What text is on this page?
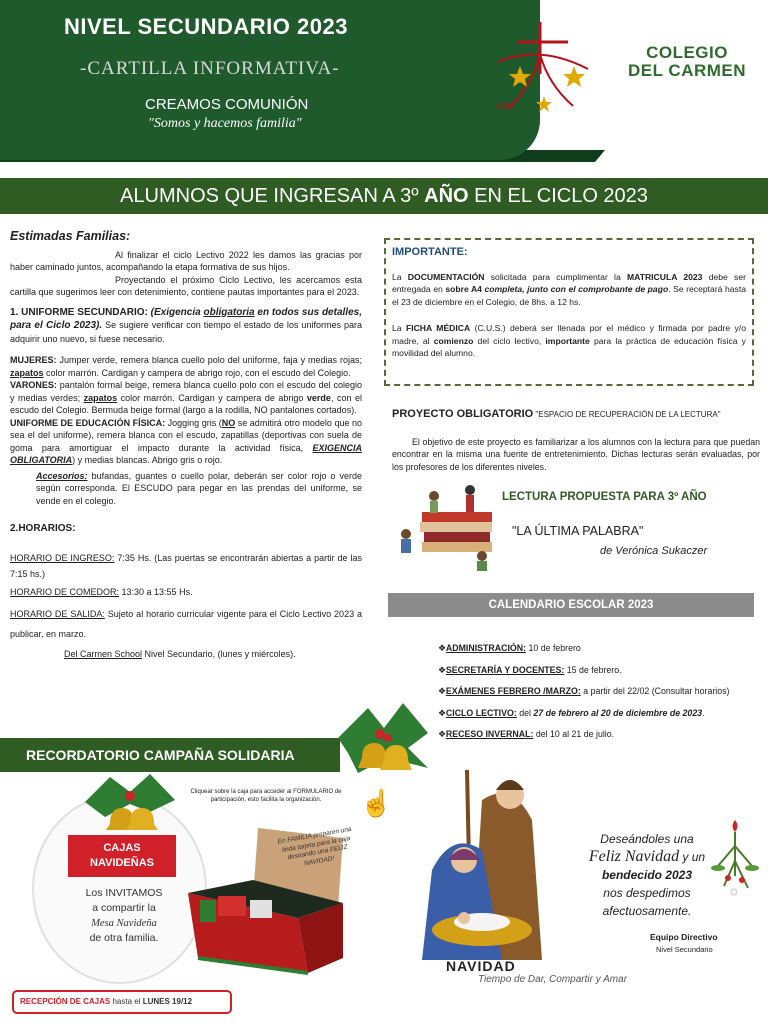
NIVEL SECUNDARIO 2023
-CARTILLA INFORMATIVA-
CREAMOS COMUNIÓN
"Somos y hacemos familia"
cmt
COLEGIO
DEL CARMEN
ALUMNOS QUE INGRESAN A 3º AÑO EN EL CICLO 2023
Estimadas Familias:
Al finalizar el ciclo Lectivo 2022 les damos las gracias por haber caminado juntos, acompañando la etapa formativa de sus hijos.
Proyectando el próximo Ciclo Lectivo, les acercamos esta cartilla que sugerimos leer con detenimiento, contiene pautas importantes para el 2023.
1. UNIFORME SECUNDARIO: (Exigencia obligatoria en todos sus detalles, para el Ciclo 2023). Se sugiere verificar con tiempo el estado de los uniformes para adquirir uno nuevo, si fuese necesario.
MUJERES: Jumper verde, remera blanca cuello polo del uniforme, faja y medias rojas; zapatos color marrón. Cardigan y campera de abrigo rojo, con el escudo del Colegio.
VARONES: pantalón formal beige, remera blanca cuello polo con el escudo del colegio y medias verdes; zapatos color marrón. Cardigan y campera de abrigo verde, con el escudo del Colegio. Bermuda beige formal (largo a la rodilla, NO pantalones cortados).
UNIFORME DE EDUCACIÓN FÍSICA: Jogging gris (NO se admitirá otro modelo que no sea el del uniforme), remera blanca con el escudo, zapatillas (deportivas con suela de goma para amortiguar el impacto durante la actividad física, EXIGENCIA OBLIGATORIA) y medias blancas. Abrigo gris o rojo.
Accesorios: bufandas, guantes o cuello polar, deberán ser color rojo o verde según corresponda. El ESCUDO para pegar en las prendas del uniforme, se vende en el colegio.
2.HORARIOS:
HORARIO DE INGRESO: 7:35 Hs. (Las puertas se encontrarán abiertas a partir de las 7:15 hs.)
HORARIO DE COMEDOR: 13:30 a 13:55 Hs.
HORARIO DE SALIDA: Sujeto al horario curricular vigente para el Ciclo Lectivo 2023 a publicar, en marzo.
Del Carmen School Nivel Secundario, (lunes y miércoles).
IMPORTANTE:
La DOCUMENTACIÓN solicitada para cumplimentar la MATRICULA 2023 debe ser entregada en sobre A4 completa, junto con el comprobante de pago. Se receptará hasta el 23 de diciembre en el Colegio, de 8hs. a 12 hs.
La FICHA MÉDICA (C.U.S.) deberá ser llenada por el médico y firmada por padre y/o madre, al comienzo del ciclo lectivo, importante para la práctica de educación física y movilidad del alumno.
PROYECTO OBLIGATORIO "ESPACIO DE RECUPERACIÓN DE LA LECTURA"
El objetivo de este proyecto es familiarizar a los alumnos con la lectura para que puedan encontrar en la misma una fuente de entretenimiento. Dichas lecturas serán evaluadas, por los profesores de los diferentes niveles.
LECTURA PROPUESTA PARA 3º AÑO
"LA ÚLTIMA PALABRA"
de Verónica Sukaczer
CALENDARIO ESCOLAR 2023
❖ADMINISTRACIÓN: 10 de febrero
❖SECRETARÍA Y DOCENTES: 15 de febrero.
❖EXÁMENES FEBRERO /MARZO: a partir del 22/02 (Consultar horarios)
❖CICLO LECTIVO: del 27 de febrero al 20 de diciembre de 2023.
❖RECESO INVERNAL: del 10 al 21 de julio.
RECORDATORIO CAMPAÑA SOLIDARIA
CAJAS
NAVIDEÑAS
Los INVITAMOS
a compartir la
Mesa Navideña
de otra familia.
Cliquear sobre la caja para acceder al FORMULARIO de participación, esto facilita la organización.	☝
En FAMILIA preparen una linda tarjeta para la caja deseando una FELIZ NAVIDAD!
RECEPCIÓN DE CAJAS hasta el LUNES 19/12
NAVIDAD
Tiempo de Dar, Compartir y Amar
Deseándoles una
Feliz Navidad y un
bendecido 2023
nos despedimos
afectuosamente.
Equipo Directivo
Nivel Secundario
